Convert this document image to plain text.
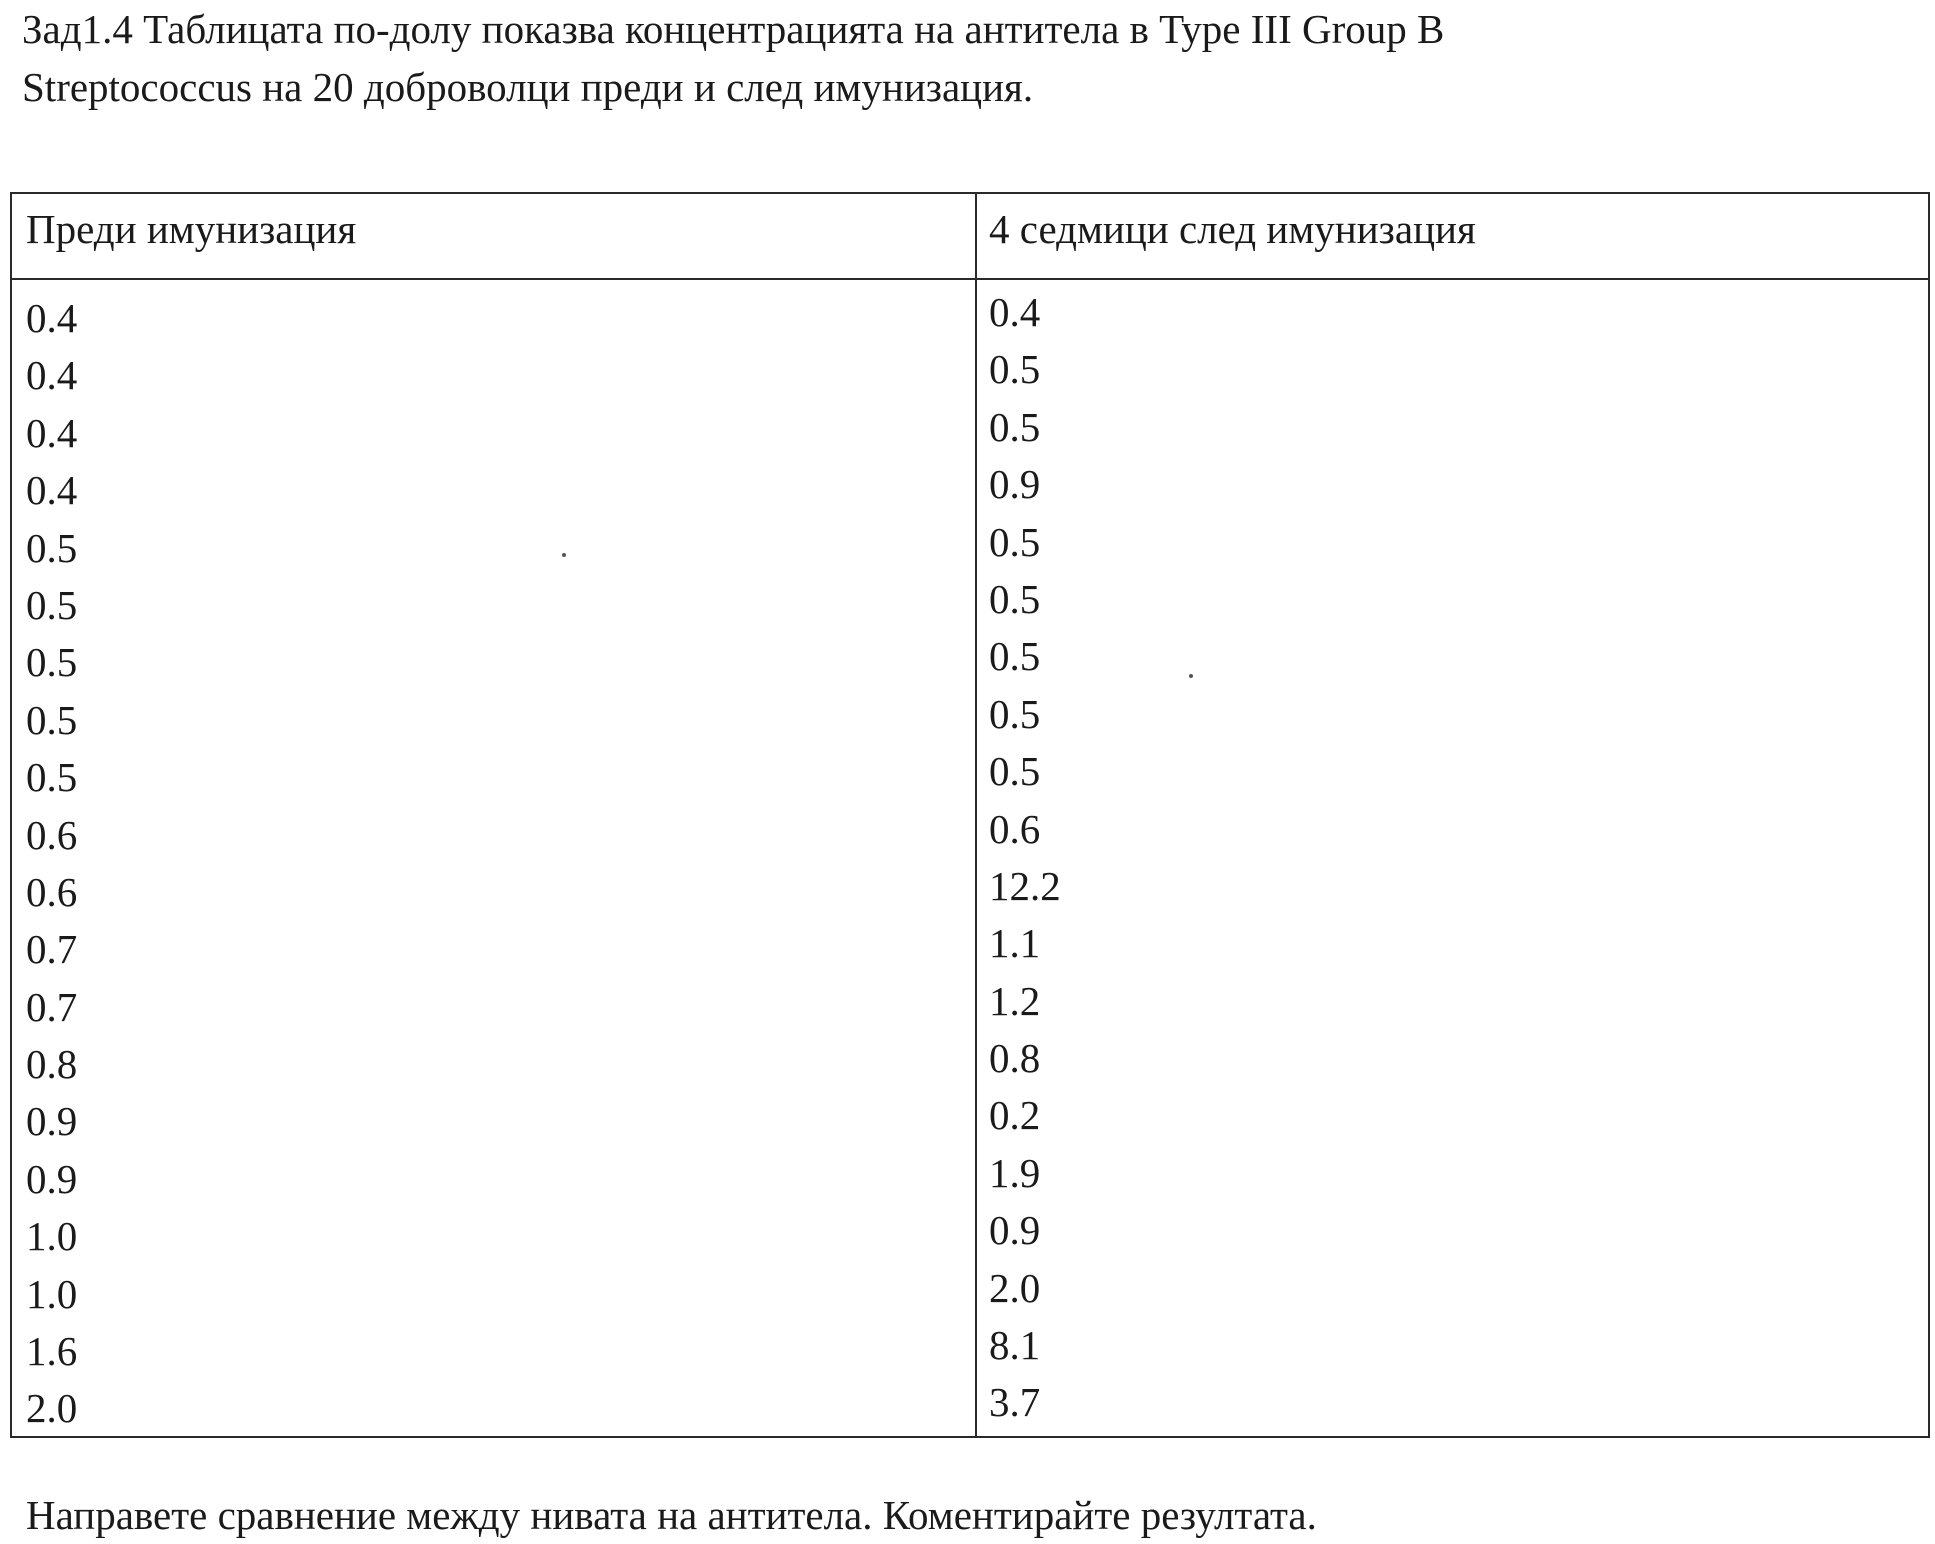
Зад1.4 Таблицата по-долу показва концентрацията на антитела в Type III Group B
Streptococcus на 20 доброволци преди и след имунизация.
Преди имунизация	4 седмици след имунизация
0.4
0.4
0.4
0.4
0.5
0.5
0.5
0.5
0.5
0.6
0.6
0.7
0.7
0.8
0.9
0.9
1.0
1.0
1.6
2.0
0.4
0.5
0.5
0.9
0.5
0.5
0.5
0.5
0.5
0.6
12.2
1.1
1.2
0.8
0.2
1.9
0.9
2.0
8.1
3.7
Направете сравнение между нивата на антитела. Коментирайте резултата.
